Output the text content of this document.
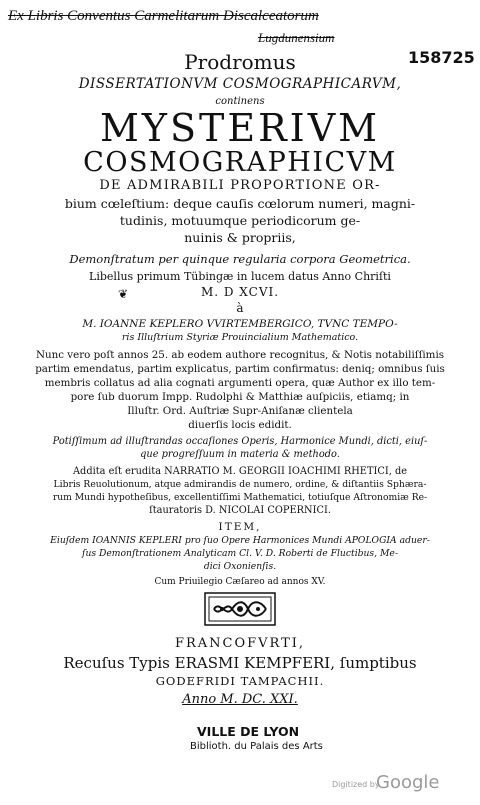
Ex Libris Conventus Carmelitarum Discalceatorum
Lugdunensium
158725
Prodromus
DISSERTATIONVM COSMOGRAPHICARVM,
continens
MYSTERIVM
COSMOGRAPHICVM
DE ADMIRABILI PROPORTIONE OR-
bium cœleſtium: deque cauſis cœlorum numeri, magni-
tudinis, motuumque periodicorum ge-
nuinis & propriis,
Demonſtratum per quinque regularia corpora Geometrica.
Libellus primum Tübingæ in lucem datus Anno Chriſti
M. D XCVI.
❦
à
M. IOANNE KEPLERO VVIRTEMBERGICO, TVNC TEMPO-
ris Illuſtrium Styriæ Prouincialium Mathematico.
Nunc vero poſt annos 25. ab eodem authore recognitus, & Notis notabiliſſimis
partim emendatus, partim explicatus, partim confirmatus: deniq; omnibus ſuis
membris collatus ad alia cognati argumenti opera, quæ Author ex illo tem-
pore ſub duorum Impp. Rudolphi & Matthiæ auſpiciis, etiamq; in
Illuſtr. Ord. Auſtriæ Supr-Aniſanæ clientela
diuerſis locis edidit.
Potiſſimum ad illuſtrandas occaſiones Operis, Harmonice Mundi, dicti, eiuſ-
que progreſſuum in materia & methodo.
Addita eſt erudita NARRATIO M. GEORGII IOACHIMI RHETICI, de
Libris Reuolutionum, atque admirandis de numero, ordine, & diſtantiis Sphæra-
rum Mundi hypotheſibus, excellentiſſimi Mathematici, totiuſque Aſtronomiæ Re-
ſtauratoris D. NICOLAI COPERNICI.
ITEM,
Eiuſdem IOANNIS KEPLERI pro ſuo Opere Harmonices Mundi APOLOGIA aduer-
ſus Demonſtrationem Analyticam Cl. V. D. Roberti de Fluctibus, Me-
dici Oxonienſis.
Cum Priuilegio Cæſareo ad annos XV.
FRANCOFVRTI,
Recuſus Typis ERASMI KEMPFERI, ſumptibus
GODEFRIDI TAMPACHII.
Anno M. DC. XXI.
VILLE DE LYON
Biblioth. du Palais des Arts
Digitized by
Google
